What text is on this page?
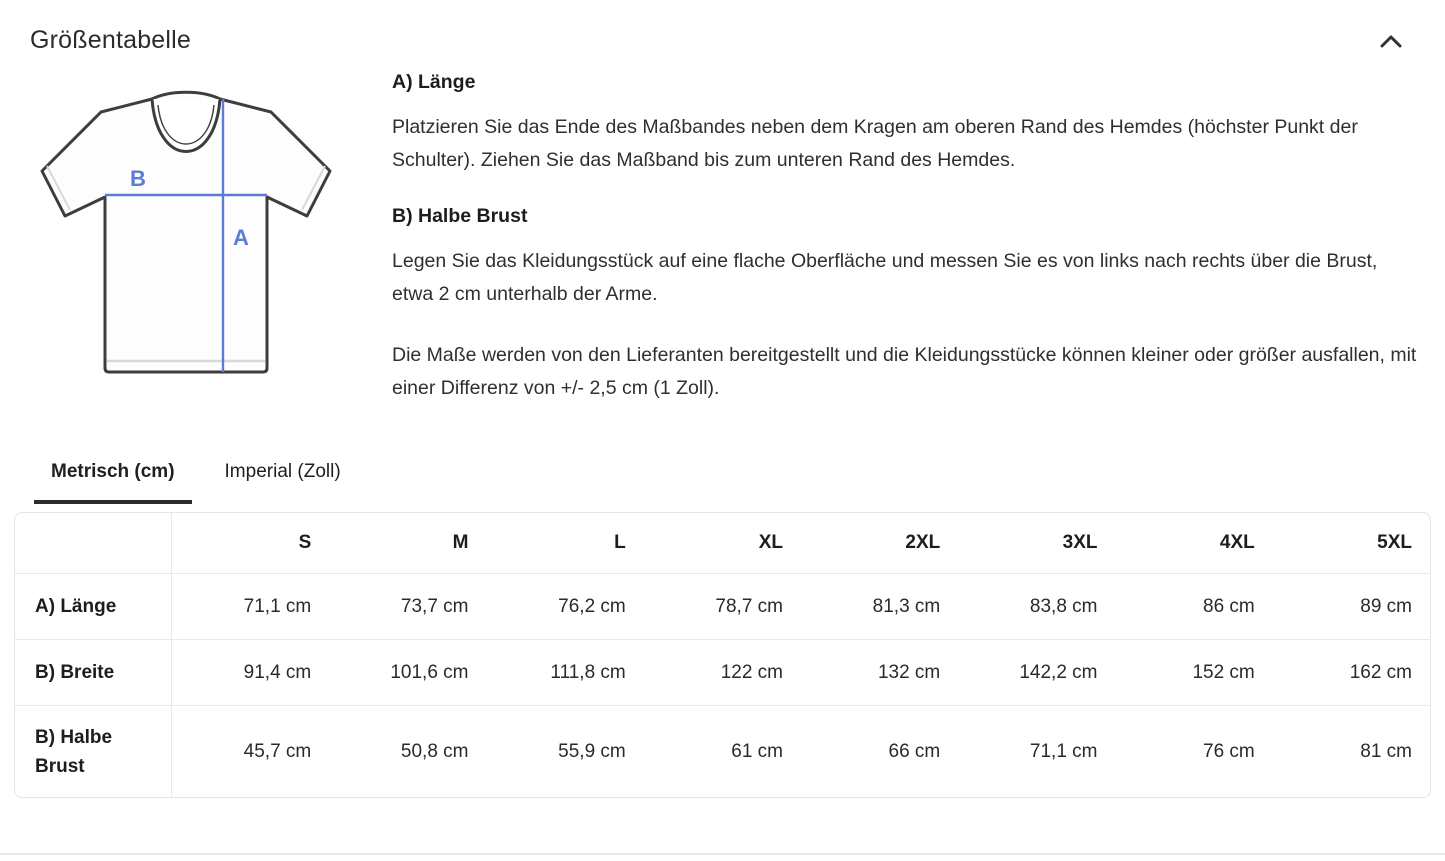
Größentabelle
B
A
A) Länge

Platzieren Sie das Ende des Maßbandes neben dem Kragen am oberen Rand des Hemdes (höchster Punkt der Schulter). Ziehen Sie das Maßband bis zum unteren Rand des Hemdes.

B) Halbe Brust

Legen Sie das Kleidungsstück auf eine flache Oberfläche und messen Sie es von links nach rechts über die Brust, etwa 2 cm unterhalb der Arme.

Die Maße werden von den Lieferanten bereitgestellt und die Kleidungsstücke können kleiner oder größer ausfallen, mit einer Differenz von +/- 2,5 cm (1 Zoll).

Metrisch (cm)	Imperial (Zoll)
	S	M	L	XL	2XL	3XL	4XL	5XL
A) Länge	71,1 cm	73,7 cm	76,2 cm	78,7 cm	81,3 cm	83,8 cm	86 cm	89 cm
B) Breite	91,4 cm	101,6 cm	111,8 cm	122 cm	132 cm	142,2 cm	152 cm	162 cm
B) Halbe Brust	45,7 cm	50,8 cm	55,9 cm	61 cm	66 cm	71,1 cm	76 cm	81 cm
